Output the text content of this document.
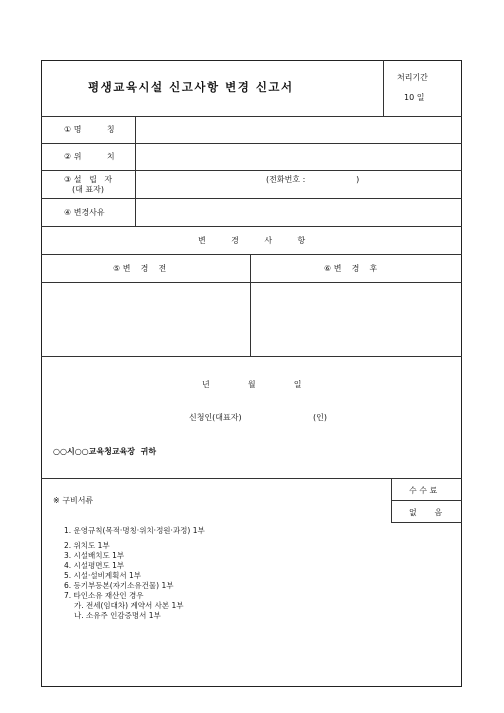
평생교육시설 신고사항 변경 신고서
처리기간
10 일
① 명          칭
② 위          치
③ 설   립   자
(대 표자)
(전화번호 :                    )
④ 변경사유
변          경          사          항
⑤ 변    경    전	⑥ 변    경    후
년               월               일
신청인(대표자)	(인)
○○시○○교육청교육장  귀하
※ 구비서류
1. 운영규칙(목적·명칭·위치·정원·과정) 1부
2. 위치도 1부
3. 시설배치도 1부
4. 시설평면도 1부
5. 시설·설비계획서 1부
6. 등기부등본(자기소유건물) 1부
7. 타인소유 재산인 경우
가. 전세(임대차) 계약서 사본 1부
나. 소유주 인감증명서 1부
수 수 료
없       음
